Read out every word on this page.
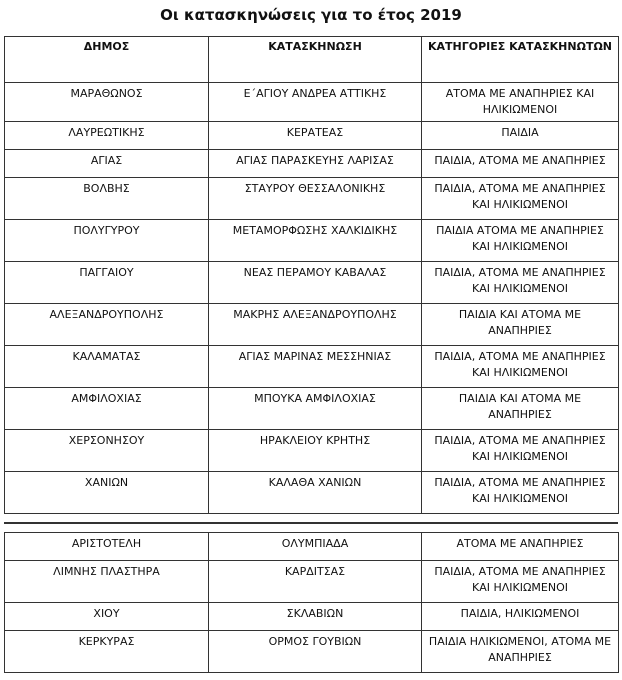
Οι κατασκηνώσεις για το έτος 2019
ΔΗΜΟΣ	ΚΑΤΑΣΚΗΝΩΣΗ	ΚΑΤΗΓΟΡΙΕΣ ΚΑΤΑΣΚΗΝΩΤΩΝ
ΜΑΡΑΘΩΝΟΣ	Ε΄ΑΓΙΟΥ ΑΝΔΡΕΑ ΑΤΤΙΚΗΣ	ΑΤΟΜΑ ΜΕ ΑΝΑΠΗΡΙΕΣ ΚΑΙ ΗΛΙΚΙΩΜΕΝΟΙ
ΛΑΥΡΕΩΤΙΚΗΣ	ΚΕΡΑΤΕΑΣ	ΠΑΙΔΙΑ
ΑΓΙΑΣ	ΑΓΙΑΣ ΠΑΡΑΣΚΕΥΗΣ ΛΑΡΙΣΑΣ	ΠΑΙΔΙΑ, ΑΤΟΜΑ ΜΕ ΑΝΑΠΗΡΙΕΣ
ΒΟΛΒΗΣ	ΣΤΑΥΡΟΥ ΘΕΣΣΑΛΟΝΙΚΗΣ	ΠΑΙΔΙΑ, ΑΤΟΜΑ ΜΕ ΑΝΑΠΗΡΙΕΣ ΚΑΙ ΗΛΙΚΙΩΜΕΝΟΙ
ΠΟΛΥΓΥΡΟΥ	ΜΕΤΑΜΟΡΦΩΣΗΣ ΧΑΛΚΙΔΙΚΗΣ	ΠΑΙΔΙΑ ΑΤΟΜΑ ΜΕ ΑΝΑΠΗΡΙΕΣ ΚΑΙ ΗΛΙΚΙΩΜΕΝΟΙ
ΠΑΓΓΑΙΟΥ	ΝΕΑΣ ΠΕΡΑΜΟΥ ΚΑΒΑΛΑΣ	ΠΑΙΔΙΑ, ΑΤΟΜΑ ΜΕ ΑΝΑΠΗΡΙΕΣ ΚΑΙ ΗΛΙΚΙΩΜΕΝΟΙ
ΑΛΕΞΑΝΔΡΟΥΠΟΛΗΣ	ΜΑΚΡΗΣ ΑΛΕΞΑΝΔΡΟΥΠΟΛΗΣ	ΠΑΙΔΙΑ ΚΑΙ ΑΤΟΜΑ ΜΕ ΑΝΑΠΗΡΙΕΣ
ΚΑΛΑΜΑΤΑΣ	ΑΓΙΑΣ ΜΑΡΙΝΑΣ ΜΕΣΣΗΝΙΑΣ	ΠΑΙΔΙΑ, ΑΤΟΜΑ ΜΕ ΑΝΑΠΗΡΙΕΣ ΚΑΙ ΗΛΙΚΙΩΜΕΝΟΙ
ΑΜΦΙΛΟΧΙΑΣ	ΜΠΟΥΚΑ ΑΜΦΙΛΟΧΙΑΣ	ΠΑΙΔΙΑ ΚΑΙ ΑΤΟΜΑ ΜΕ ΑΝΑΠΗΡΙΕΣ
ΧΕΡΣΟΝΗΣΟΥ	ΗΡΑΚΛΕΙΟΥ ΚΡΗΤΗΣ	ΠΑΙΔΙΑ, ΑΤΟΜΑ ΜΕ ΑΝΑΠΗΡΙΕΣ ΚΑΙ ΗΛΙΚΙΩΜΕΝΟΙ
ΧΑΝΙΩΝ	ΚΑΛΑΘΑ ΧΑΝΙΩΝ	ΠΑΙΔΙΑ, ΑΤΟΜΑ ΜΕ ΑΝΑΠΗΡΙΕΣ ΚΑΙ ΗΛΙΚΙΩΜΕΝΟΙ
ΑΡΙΣΤΟΤΕΛΗ	ΟΛΥΜΠΙΑΔΑ	ΑΤΟΜΑ ΜΕ ΑΝΑΠΗΡΙΕΣ
ΛΙΜΝΗΣ ΠΛΑΣΤΗΡΑ	ΚΑΡΔΙΤΣΑΣ	ΠΑΙΔΙΑ, ΑΤΟΜΑ ΜΕ ΑΝΑΠΗΡΙΕΣ ΚΑΙ ΗΛΙΚΙΩΜΕΝΟΙ
ΧΙΟΥ	ΣΚΛΑΒΙΩΝ	ΠΑΙΔΙΑ, ΗΛΙΚΙΩΜΕΝΟΙ
ΚΕΡΚΥΡΑΣ	ΟΡΜΟΣ ΓΟΥΒΙΩΝ	ΠΑΙΔΙΑ ΗΛΙΚΙΩΜΕΝΟΙ, ΑΤΟΜΑ ΜΕ ΑΝΑΠΗΡΙΕΣ
